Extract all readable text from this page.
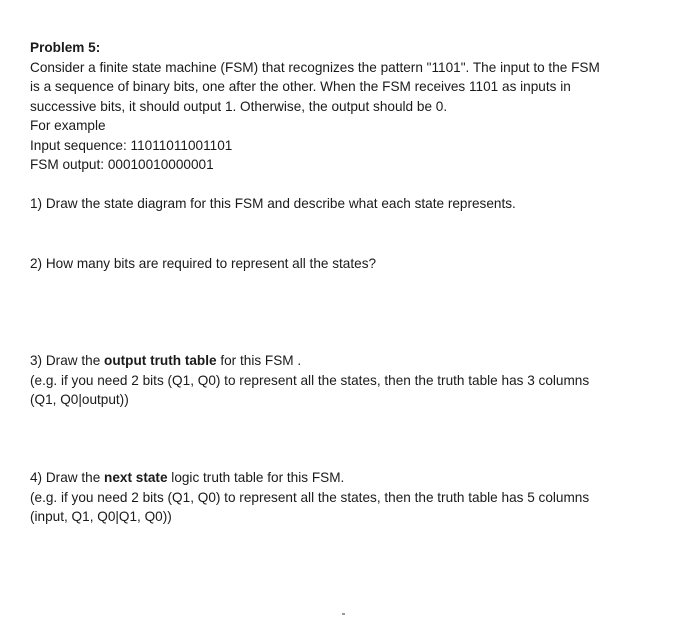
Problem 5:
Consider a finite state machine (FSM) that recognizes the pattern "1101". The input to the FSM
is a sequence of binary bits, one after the other. When the FSM receives 1101 as inputs in
successive bits, it should output 1. Otherwise, the output should be 0.
For example
Input sequence: 11011011001101
FSM output: 00010010000001
1) Draw the state diagram for this FSM and describe what each state represents.
2) How many bits are required to represent all the states?
3) Draw the output truth table for this FSM .
(e.g. if you need 2 bits (Q1, Q0) to represent all the states, then the truth table has 3 columns
(Q1, Q0|output))
4) Draw the next state logic truth table for this FSM.
(e.g. if you need 2 bits (Q1, Q0) to represent all the states, then the truth table has 5 columns
(input, Q1, Q0|Q1, Q0))
